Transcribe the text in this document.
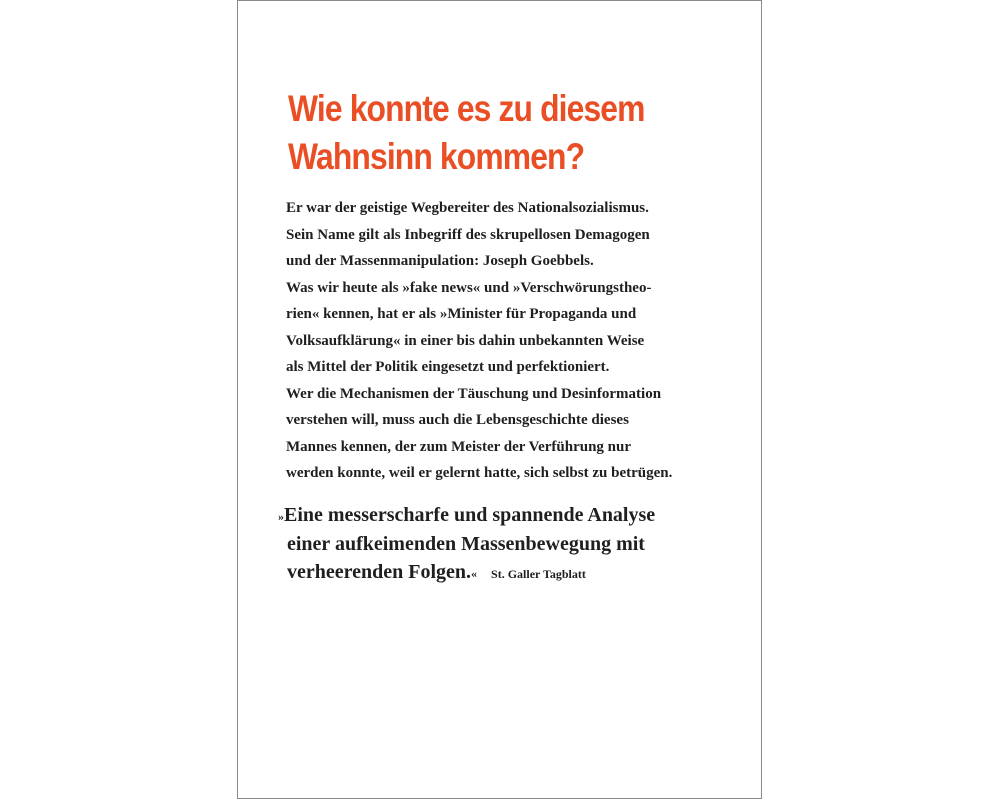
Wie konnte es zu diesem
Wahnsinn kommen?
Er war der geistige Wegbereiter des Nationalsozialismus.
Sein Name gilt als Inbegriff des skrupellosen Demagogen
und der Massenmanipulation: Joseph Goebbels.
Was wir heute als »fake news« und »Verschwörungstheo-
rien« kennen, hat er als »Minister für Propaganda und
Volksaufklärung« in einer bis dahin unbekannten Weise
als Mittel der Politik eingesetzt und perfektioniert.
Wer die Mechanismen der Täuschung und Desinformation
verstehen will, muss auch die Lebensgeschichte dieses
Mannes kennen, der zum Meister der Verführung nur
werden konnte, weil er gelernt hatte, sich selbst zu betrügen.
»Eine messerscharfe und spannende Analyse
einer aufkeimenden Massenbewegung mit
verheerenden Folgen.« St. Galler Tagblatt
